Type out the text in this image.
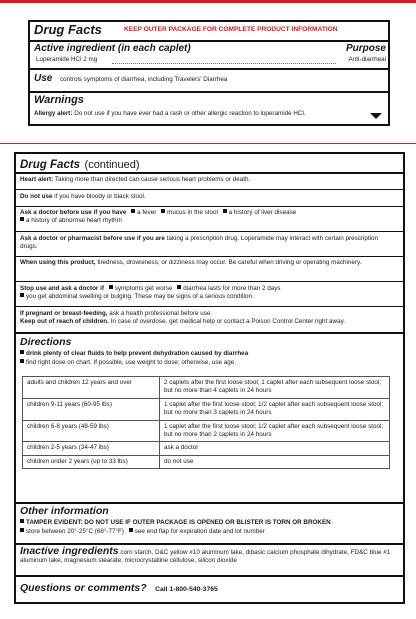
Drug Facts	KEEP OUTER PACKAGE FOR COMPLETE PRODUCT INFORMATION
Active ingredient (in each caplet)	Purpose
Loperamide HCl 2 mg	Anti-diarrheal
Use controls symptoms of diarrhea, including Travelers' Diarrhea
Warnings
Allergy alert: Do not use if you have ever had a rash or other allergic reaction to loperamide HCl.
Drug Facts (continued)
Heart alert: Taking more than directed can cause serious heart problems or death.
Do not use if you have bloody or black stool.
Ask a doctor before use if you have a fever mucus in the stool a history of liver disease
a history of abnormal heart rhythm
Ask a doctor or pharmacist before use if you are taking a prescription drug. Loperamide may interact with certain prescription drugs.
When using this product, tiredness, drowsiness, or dizziness may occur. Be careful when driving or operating machinery.
Stop use and ask a doctor if symptoms get worse diarrhea lasts for more than 2 days
you get abdominal swelling or bulging. These may be signs of a serious condition.
If pregnant or breast-feeding, ask a health professional before use.
Keep out of reach of children. In case of overdose, get medical help or contact a Poison Control Center right away.
Directions
drink plenty of clear fluids to help prevent dehydration caused by diarrhea
find right dose on chart. If possible, use weight to dose; otherwise, use age.
adults and children 12 years and over	2 caplets after the first loose stool; 1 caplet after each subsequent loose stool; but no more than 4 caplets in 24 hours
children 9-11 years (60-95 lbs)	1 caplet after the first loose stool; 1/2 caplet after each subsequent loose stool; but no more than 3 caplets in 24 hours
children 6-8 years (48-59 lbs)	1 caplet after the first loose stool; 1/2 caplet after each subsequent loose stool; but no more than 2 caplets in 24 hours
children 2-5 years (34-47 lbs)	ask a doctor
children under 2 years (up to 33 lbs)	do not use
Other information
TAMPER EVIDENT: DO NOT USE IF OUTER PACKAGE IS OPENED OR BLISTER IS TORN OR BROKEN
store between 20°-25°C (68°-77°F) see end flap for expiration date and lot number
Inactive ingredients corn starch, D&C yellow #10 aluminum lake, dibasic calcium phosphate dihydrate, FD&C blue #1 aluminum lake, magnesium stearate, microcrystalline cellulose, silicon dioxide
Questions or comments? Call 1-800-540-3765
